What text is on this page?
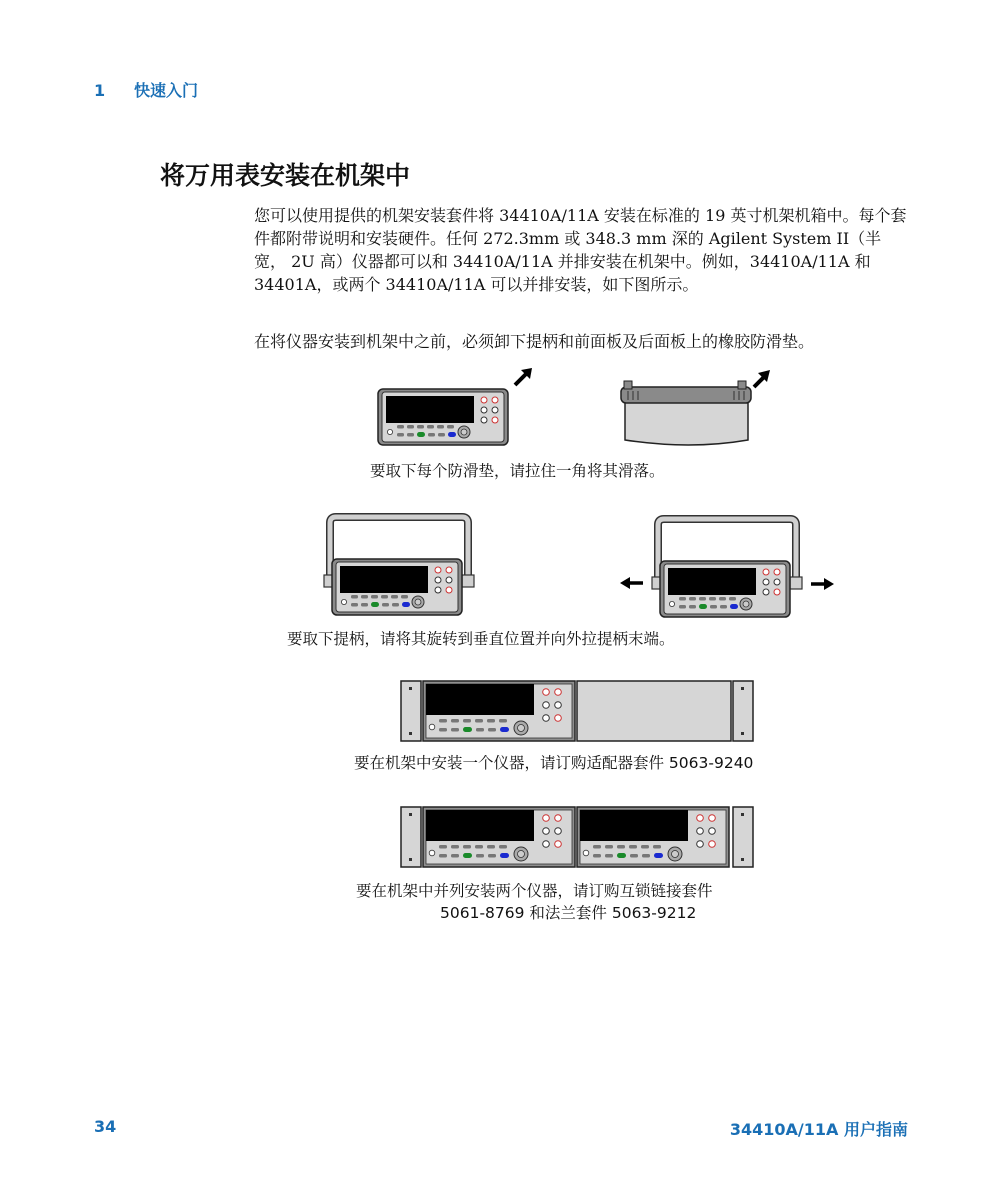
1 快速入门
将万用表安装在机架中

您可以使用提供的机架安装套件将 34410A/11A 安装在标准的 19 英寸机架机箱中。每个套件都附带说明和安装硬件。任何 272.3mm 或 348.3 mm 深的 Agilent System II（半宽， 2U 高）仪器都可以和 34410A/11A 并排安装在机架中。例如，34410A/11A 和 34401A，或两个 34410A/11A 可以并排安装，如下图所示。

在将仪器安装到机架中之前，必须卸下提柄和前面板及后面板上的橡胶防滑垫。

要取下每个防滑垫，请拉住一角将其滑落。
要取下提柄，请将其旋转到垂直位置并向外拉提柄末端。
要在机架中安装一个仪器，请订购适配器套件 5063-9240
要在机架中并列安装两个仪器，请订购互锁链接套件
5061-8769 和法兰套件 5063-9212
34	34410A/11A 用户指南
